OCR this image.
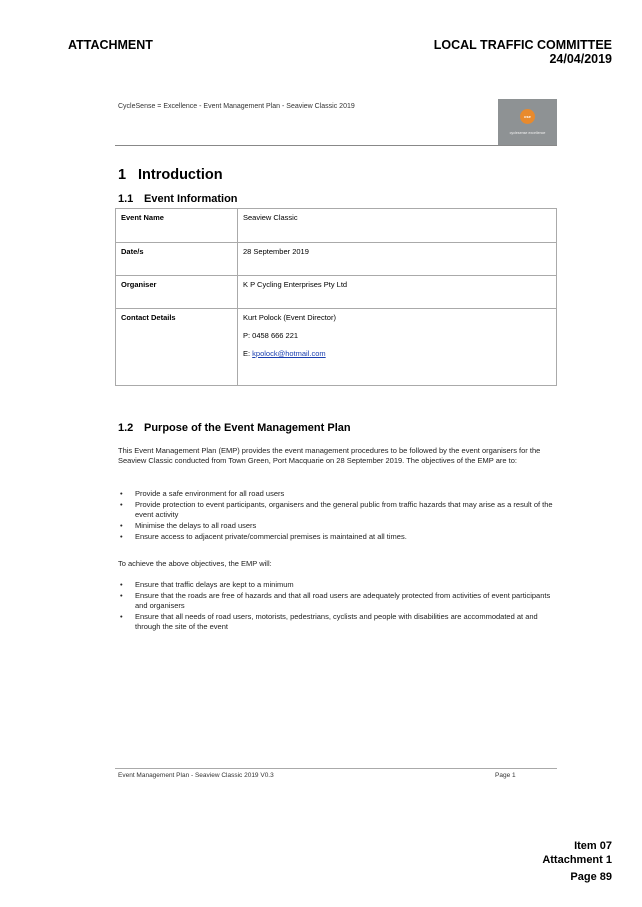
ATTACHMENT	LOCAL TRAFFIC COMMITTEE
24/04/2019
CycleSense = Excellence - Event Management Plan - Seaview Classic 2019
cse
cyclesense excellence
1 Introduction
1.1 Event Information
Event Name	Seaview Classic
Date/s	28 September 2019
Organiser	K P Cycling Enterprises Pty Ltd
Contact Details	Kurt Polock (Event Director)
P: 0458 666 221
E: kpolock@hotmail.com
1.2 Purpose of the Event Management Plan
This Event Management Plan (EMP) provides the event management procedures to be followed by the event organisers for the Seaview Classic conducted from Town Green, Port Macquarie on 28 September 2019. The objectives of the EMP are to:
• Provide a safe environment for all road users
• Provide protection to event participants, organisers and the general public from traffic hazards that may arise as a result of the event activity
• Minimise the delays to all road users
• Ensure access to adjacent private/commercial premises is maintained at all times.
To achieve the above objectives, the EMP will:
• Ensure that traffic delays are kept to a minimum
• Ensure that the roads are free of hazards and that all road users are adequately protected from activities of event participants and organisers
• Ensure that all needs of road users, motorists, pedestrians, cyclists and people with disabilities are accommodated at and through the site of the event
Event Management Plan - Seaview Classic 2019 V0.3	Page 1
Item 07
Attachment 1
Page 89
